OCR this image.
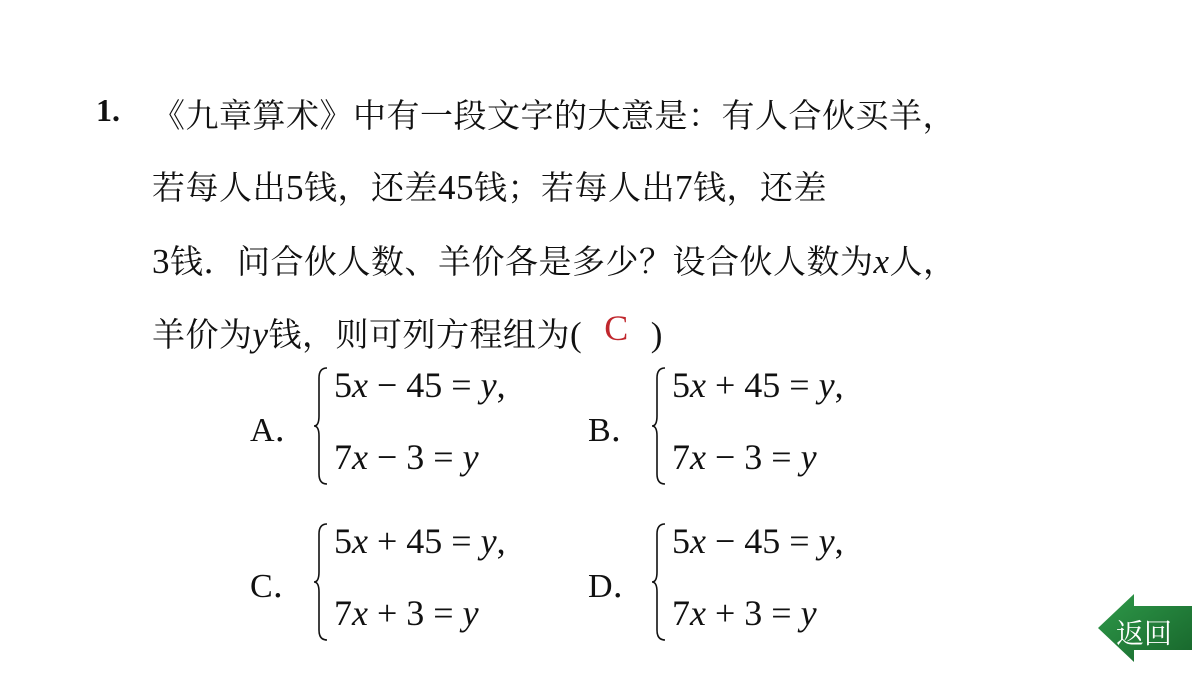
1. 《九章算术》中有一段文字的大意是：有人合伙买羊，
若每人出5钱，还差45钱；若每人出7钱，还差
3钱．问合伙人数、羊价各是多少？设合伙人数为x人，
羊价为y钱，则可列方程组为( C )
A．
5x − 45 = y,
7x − 3 = y
B．
5x + 45 = y,
7x − 3 = y
C．
5x + 45 = y,
7x + 3 = y
D．
5x − 45 = y,
7x + 3 = y
返回
